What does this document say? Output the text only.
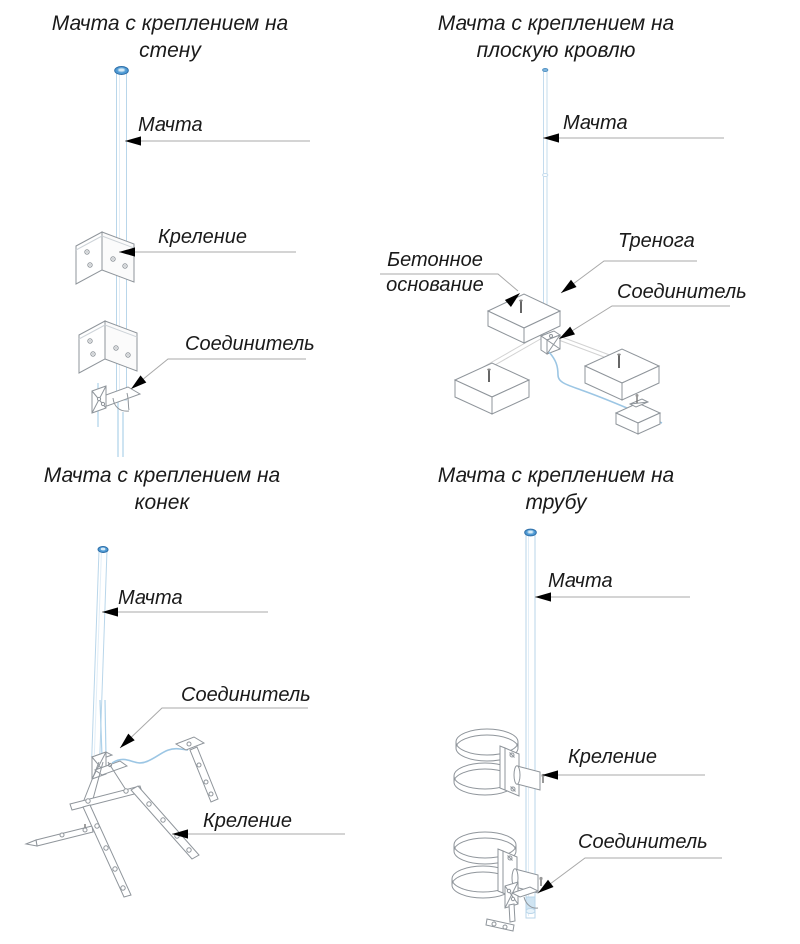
Мачта с креплением на стену
Мачта с креплением на плоскую кровлю
Мачта с креплением на конек
Мачта с креплением на трубу
Мачта
Креление
Соединитель
Мачта
Тренога
Бетонное основание	Соединитель
Мачта
Соединитель
Креление
Мачта
Креление
Соединитель
